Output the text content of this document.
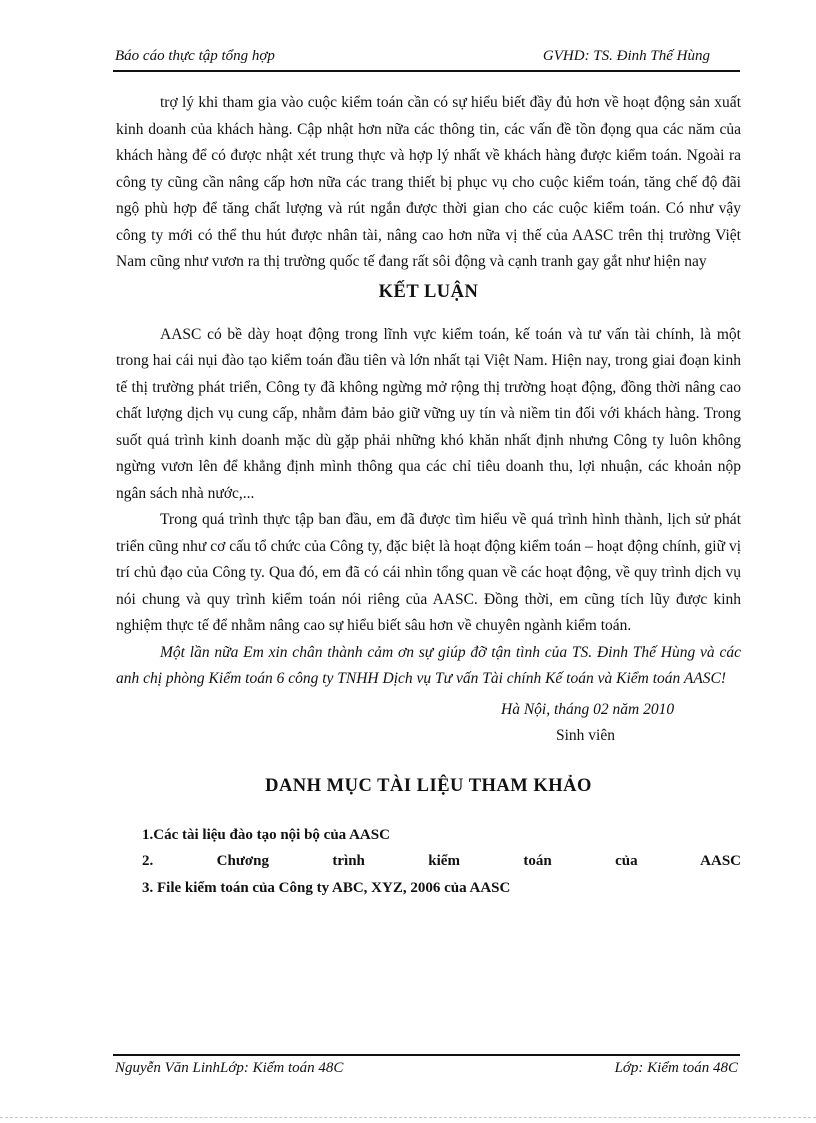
Báo cáo thực tập tổng hợp	GVHD: TS. Đinh Thế Hùng

trợ lý khi tham gia vào cuộc kiểm toán cần có sự hiểu biết đầy đủ hơn về hoạt động sản xuất kinh doanh của khách hàng. Cập nhật hơn nữa các thông tin, các vấn đề tồn đọng qua các năm của khách hàng để có được nhật xét trung thực và hợp lý nhất về khách hàng được kiểm toán. Ngoài ra công ty cũng cần nâng cấp hơn nữa các trang thiết bị phục vụ cho cuộc kiểm toán, tăng chế độ đãi ngộ phù hợp để tăng chất lượng và rút ngắn được thời gian cho các cuộc kiểm toán. Có như vậy công ty mới có thể thu hút được nhân tài, nâng cao hơn nữa vị thế của AASC trên thị trường Việt Nam cũng như vươn ra thị trường quốc tế đang rất sôi động và cạnh tranh gay gắt như hiện nay

KẾT LUẬN

AASC có bề dày hoạt động trong lĩnh vực kiểm toán, kế toán và tư vấn tài chính, là một trong hai cái nụi đào tạo kiểm toán đầu tiên và lớn nhất tại Việt Nam. Hiện nay, trong giai đoạn kinh tế thị trường phát triển, Công ty đã không ngừng mở rộng thị trường hoạt động, đồng thời nâng cao chất lượng dịch vụ cung cấp, nhằm đảm bảo giữ vững uy tín và niềm tin đối với khách hàng. Trong suốt quá trình kinh doanh mặc dù gặp phải những khó khăn nhất định nhưng Công ty luôn không ngừng vươn lên để khẳng định mình thông qua các chỉ tiêu doanh thu, lợi nhuận, các khoản nộp ngân sách nhà nước,...

Trong quá trình thực tập ban đầu, em đã được tìm hiểu về quá trình hình thành, lịch sử phát triển cũng như cơ cấu tổ chức của Công ty, đặc biệt là hoạt động kiểm toán – hoạt động chính, giữ vị trí chủ đạo của Công ty. Qua đó, em đã có cái nhìn tổng quan về các hoạt động, về quy trình dịch vụ nói chung và quy trình kiểm toán nói riêng của AASC. Đồng thời, em cũng tích lũy được kinh nghiệm thực tế để nhằm nâng cao sự hiểu biết sâu hơn về chuyên ngành kiểm toán.

Một lần nữa Em xin chân thành cảm ơn sự giúp đỡ tận tình của TS. Đinh Thế Hùng và các anh chị phòng Kiểm toán 6 công ty TNHH Dịch vụ Tư vấn Tài chính Kế toán và Kiểm toán AASC!

Hà Nội, tháng 02 năm 2010
Sinh viên
DANH MỤC TÀI LIỆU THAM KHẢO
1.Các tài liệu đào tạo nội bộ của AASC
2. Chương trình kiểm toán của AASC
3. File kiểm toán của Công ty ABC, XYZ, 2006 của AASC
Nguyễn Văn LinhLớp: Kiểm toán 48C	Lớp: Kiểm toán 48C
